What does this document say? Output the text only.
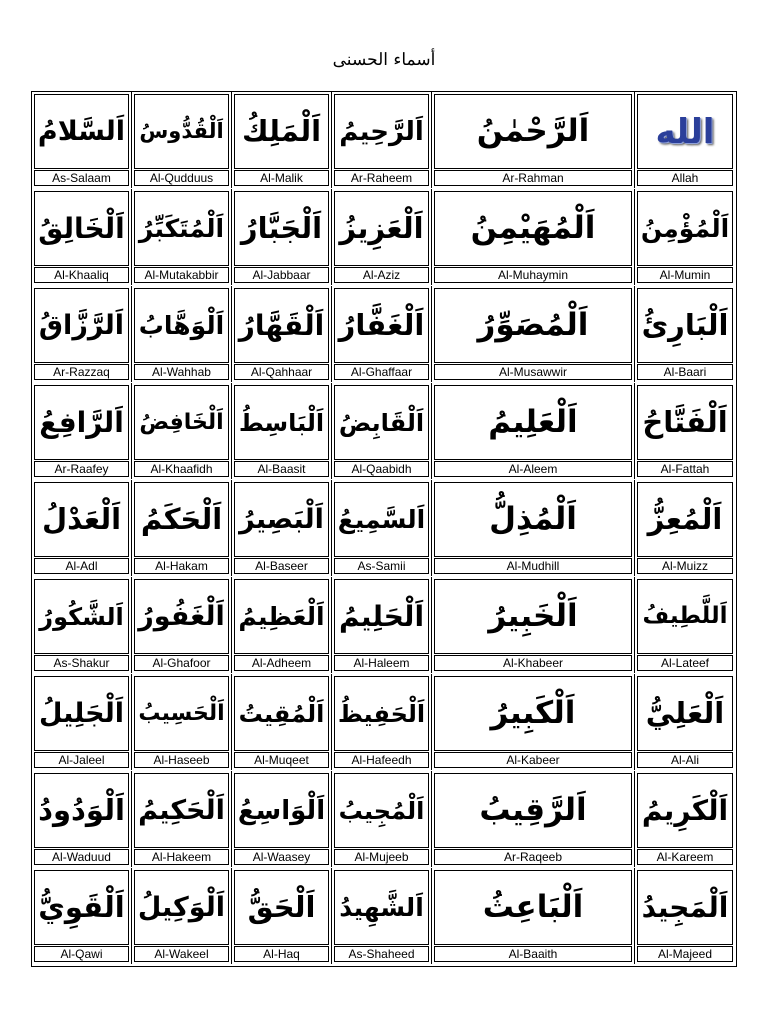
أسماء الحسنى
اَلسَّلامُ
As-Salaam
اَلْقُدُّوسُ
Al-Qudduus
اَلْمَلِكُ
Al-Malik
اَلرَّحِيمُ
Ar-Raheem
اَلرَّحْمٰنُ
Ar-Rahman
الله
Allah
اَلْخَالِقُ
Al-Khaaliq
اَلْمُتَكَبِّرُ
Al-Mutakabbir
اَلْجَبَّارُ
Al-Jabbaar
اَلْعَزِيزُ
Al-Aziz
اَلْمُهَيْمِنُ
Al-Muhaymin
اَلْمُؤْمِنُ
Al-Mumin
اَلرَّزَّاقُ
Ar-Razzaq
اَلْوَهَّابُ
Al-Wahhab
اَلْقَهَّارُ
Al-Qahhaar
اَلْغَفَّارُ
Al-Ghaffaar
اَلْمُصَوِّرُ
Al-Musawwir
اَلْبَارِئُ
Al-Baari
اَلرَّافِعُ
Ar-Raafey
اَلْخَافِضُ
Al-Khaafidh
اَلْبَاسِطُ
Al-Baasit
اَلْقَابِضُ
Al-Qaabidh
اَلْعَلِيمُ
Al-Aleem
اَلْفَتَّاحُ
Al-Fattah
اَلْعَدْلُ
Al-Adl
اَلْحَكَمُ
Al-Hakam
اَلْبَصِيرُ
Al-Baseer
اَلسَّمِيعُ
As-Samii
اَلْمُذِلُّ
Al-Mudhill
اَلْمُعِزُّ
Al-Muizz
اَلشَّكُورُ
As-Shakur
اَلْغَفُورُ
Al-Ghafoor
اَلْعَظِيمُ
Al-Adheem
اَلْحَلِيمُ
Al-Haleem
اَلْخَبِيرُ
Al-Khabeer
اَللَّطِيفُ
Al-Lateef
اَلْجَلِيلُ
Al-Jaleel
اَلْحَسِيبُ
Al-Haseeb
اَلْمُقِيتُ
Al-Muqeet
اَلْحَفِيظُ
Al-Hafeedh
اَلْكَبِيرُ
Al-Kabeer
اَلْعَلِيُّ
Al-Ali
اَلْوَدُودُ
Al-Waduud
اَلْحَكِيمُ
Al-Hakeem
اَلْوَاسِعُ
Al-Waasey
اَلْمُجِيبُ
Al-Mujeeb
اَلرَّقِيبُ
Ar-Raqeeb
اَلْكَرِيمُ
Al-Kareem
اَلْقَوِيُّ
Al-Qawi
اَلْوَكِيلُ
Al-Wakeel
اَلْحَقُّ
Al-Haq
اَلشَّهِيدُ
As-Shaheed
اَلْبَاعِثُ
Al-Baaith
اَلْمَجِيدُ
Al-Majeed
